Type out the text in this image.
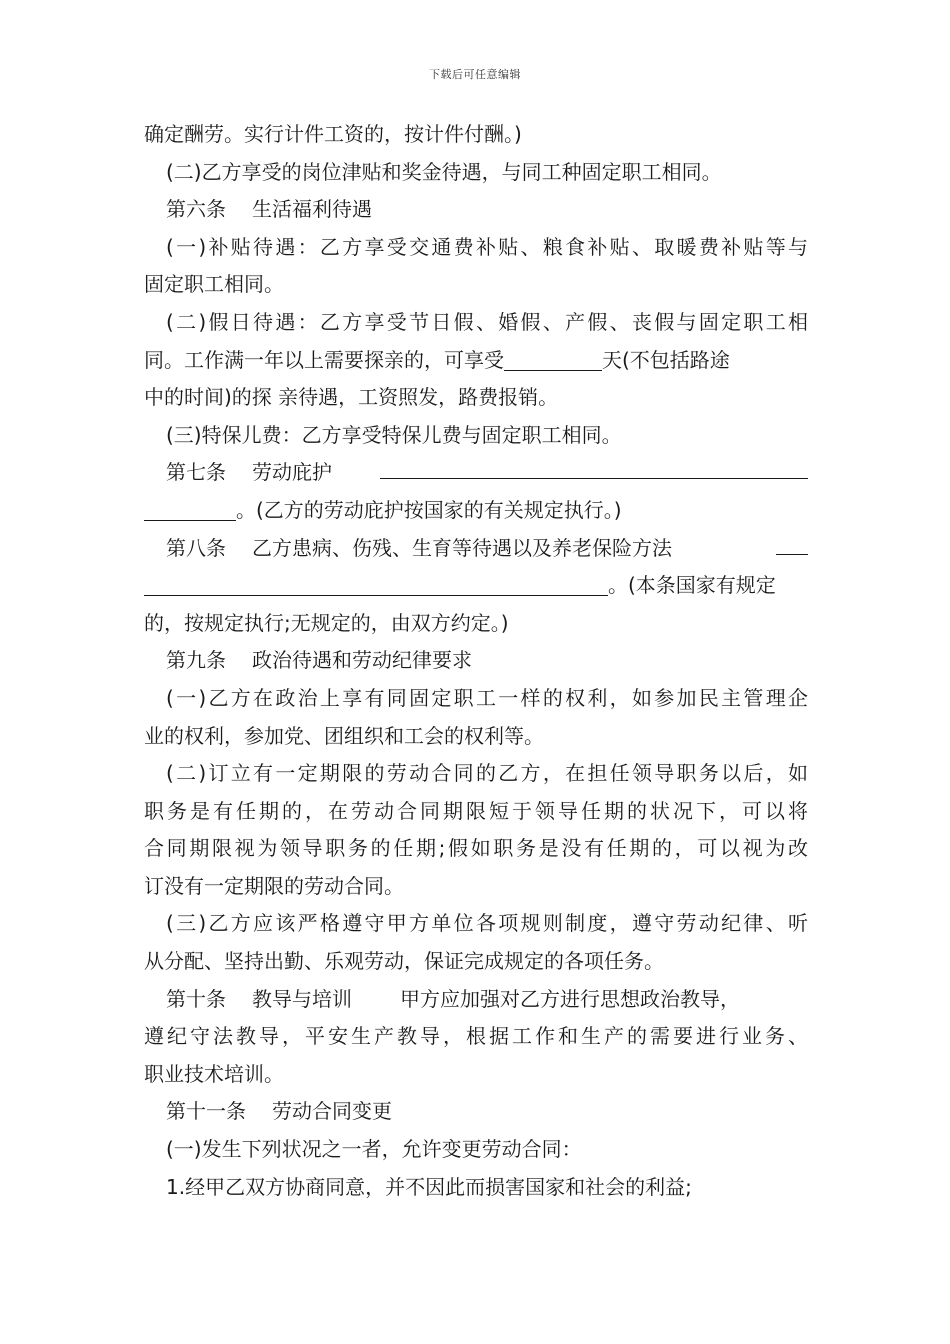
下载后可任意编辑
确定酬劳。实行计件工资的，按计件付酬。)
(二)乙方享受的岗位津贴和奖金待遇，与同工种固定职工相同。
第六条 生活福利待遇
(一)补贴待遇：乙方享受交通费补贴、粮食补贴、取暖费补贴等与
固定职工相同。
(二)假日待遇：乙方享受节日假、婚假、产假、丧假与固定职工相
同。工作满一年以上需要探亲的，可享受	天(不包括路途
中的时间)的探 亲待遇，工资照发，路费报销。
(三)特保儿费：乙方享受特保儿费与固定职工相同。
第七条 劳动庇护
。(乙方的劳动庇护按国家的有关规定执行。)
第八条 乙方患病、伤残、生育等待遇以及养老保险方法
。(本条国家有规定
的，按规定执行;无规定的，由双方约定。)
第九条 政治待遇和劳动纪律要求
(一)乙方在政治上享有同固定职工一样的权利，如参加民主管理企
业的权利，参加党、团组织和工会的权利等。
(二)订立有一定期限的劳动合同的乙方，在担任领导职务以后，如
职务是有任期的，在劳动合同期限短于领导任期的状况下，可以将
合同期限视为领导职务的任期;假如职务是没有任期的，可以视为改
订没有一定期限的劳动合同。
(三)乙方应该严格遵守甲方单位各项规则制度，遵守劳动纪律、听
从分配、坚持出勤、乐观劳动，保证完成规定的各项任务。
第十条 教导与培训 甲方应加强对乙方进行思想政治教导，
遵纪守法教导，平安生产教导，根据工作和生产的需要进行业务、
职业技术培训。
第十一条 劳动合同变更
(一)发生下列状况之一者，允许变更劳动合同：
1.经甲乙双方协商同意，并不因此而损害国家和社会的利益;
